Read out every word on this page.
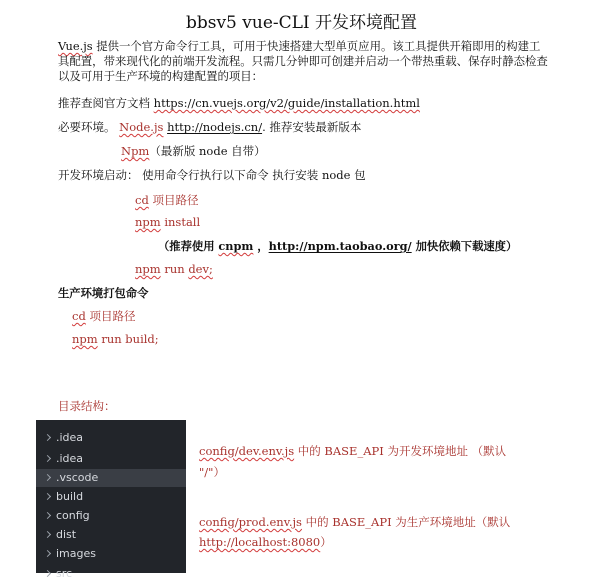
bbsv5 vue-CLI 开发环境配置
Vue.js 提供一个官方命令行工具，可用于快速搭建大型单页应用。该工具提供开箱即用的构建工具配置，带来现代化的前端开发流程。只需几分钟即可创建并启动一个带热重载、保存时静态检查以及可用于生产环境的构建配置的项目：
推荐查阅官方文档 https://cn.vuejs.org/v2/guide/installation.html
必要环境。 Node.js http://nodejs.cn/. 推荐安装最新版本
Npm（最新版 node 自带）
开发环境启动： 使用命令行执行以下命令 执行安装 node 包
cd 项目路径
npm install
（推荐使用 cnpm ，http://npm.taobao.org/ 加快依赖下载速度）
npm run dev;
生产环境打包命令
cd 项目路径
npm run build;
目录结构：
.idea
.idea
.vscode
build
config
dist
images
src
config/dev.env.js 中的 BASE_API 为开发环境地址 （默认
"/"）
config/prod.env.js 中的 BASE_API 为生产环境地址（默认
http://localhost:8080）
